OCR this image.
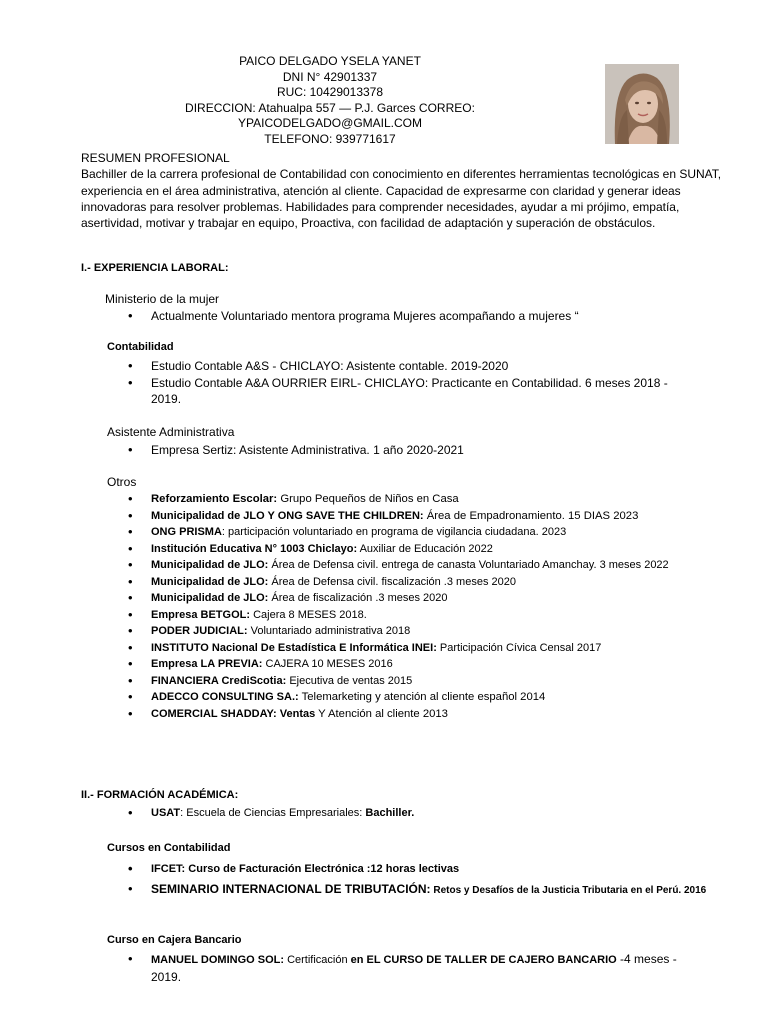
PAICO DELGADO YSELA YANET
DNI N° 42901337
RUC: 10429013378
DIRECCION: Atahualpa 557 — P.J. Garces CORREO:
YPAICODELGADO@GMAIL.COM
TELEFONO: 939771617
RESUMEN PROFESIONAL
Bachiller de la carrera profesional de Contabilidad con conocimiento en diferentes herramientas tecnológicas en SUNAT, experiencia en el área administrativa, atención al cliente. Capacidad de expresarme con claridad y generar ideas innovadoras para resolver problemas. Habilidades para comprender necesidades, ayudar a mi prójimo, empatía, asertividad, motivar y trabajar en equipo, Proactiva, con facilidad de adaptación y superación de obstáculos.
I.- EXPERIENCIA LABORAL:
Ministerio de la mujer
• Actualmente Voluntariado mentora programa Mujeres acompañando a mujeres “
Contabilidad
• Estudio Contable A&S - CHICLAYO: Asistente contable. 2019-2020
• Estudio Contable A&A OURRIER EIRL- CHICLAYO: Practicante en Contabilidad. 6 meses 2018 - 2019.
Asistente Administrativa
• Empresa Sertiz: Asistente Administrativa. 1 año 2020-2021
Otros
• Reforzamiento Escolar: Grupo Pequeños de Niños en Casa
• Municipalidad de JLO Y ONG SAVE THE CHILDREN: Área de Empadronamiento. 15 DIAS 2023
• ONG PRISMA: participación voluntariado en programa de vigilancia ciudadana. 2023
• Institución Educativa N° 1003 Chiclayo: Auxiliar de Educación 2022
• Municipalidad de JLO: Área de Defensa civil. entrega de canasta Voluntariado Amanchay. 3 meses 2022
• Municipalidad de JLO: Área de Defensa civil. fiscalización .3 meses 2020
• Municipalidad de JLO: Área de fiscalización .3 meses 2020
• Empresa BETGOL: Cajera 8 MESES 2018.
• PODER JUDICIAL: Voluntariado administrativa 2018
• INSTITUTO Nacional De Estadística E Informática INEI: Participación Cívica Censal 2017
• Empresa LA PREVIA: CAJERA 10 MESES 2016
• FINANCIERA CrediScotia: Ejecutiva de ventas 2015
• ADECCO CONSULTING SA.: Telemarketing y atención al cliente español 2014
• COMERCIAL SHADDAY: Ventas Y Atención al cliente 2013
II.- FORMACIÓN ACADÉMICA:
• USAT: Escuela de Ciencias Empresariales: Bachiller.
Cursos en Contabilidad
• IFCET: Curso de Facturación Electrónica :12 horas lectivas
• SEMINARIO INTERNACIONAL DE TRIBUTACIÓN: Retos y Desafíos de la Justicia Tributaria en el Perú. 2016
Curso en Cajera Bancario
• MANUEL DOMINGO SOL: Certificación en EL CURSO DE TALLER DE CAJERO BANCARIO -4 meses - 2019.
